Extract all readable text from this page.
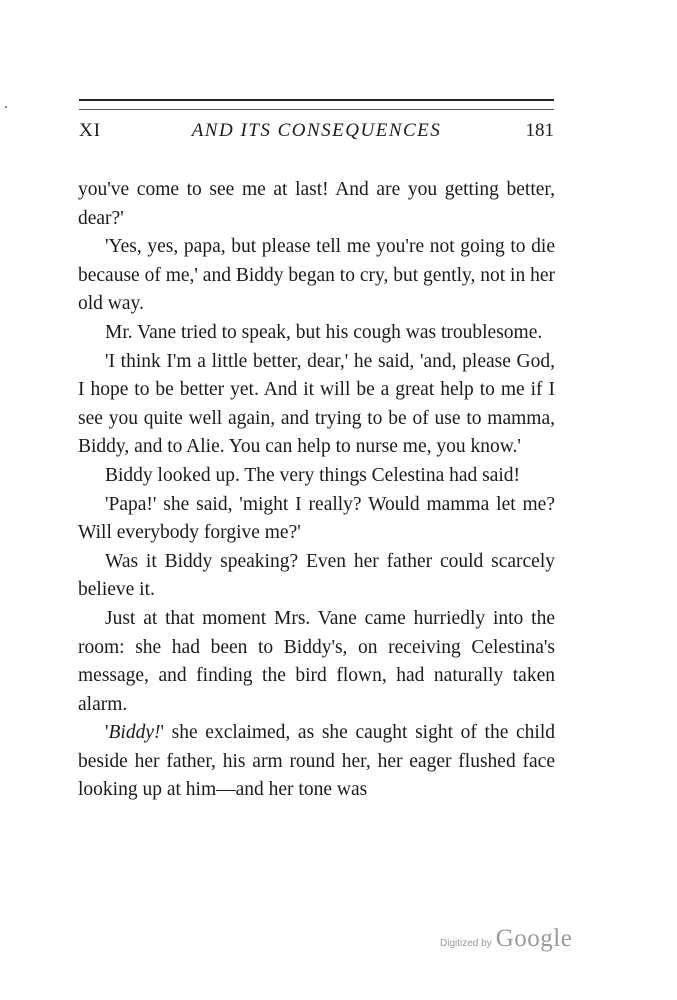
XI	AND ITS CONSEQUENCES	181

you've come to see me at last! And are you getting better, dear?'

'Yes, yes, papa, but please tell me you're not going to die because of me,' and Biddy began to cry, but gently, not in her old way.

Mr. Vane tried to speak, but his cough was troublesome.

'I think I'm a little better, dear,' he said, 'and, please God, I hope to be better yet. And it will be a great help to me if I see you quite well again, and trying to be of use to mamma, Biddy, and to Alie. You can help to nurse me, you know.'

Biddy looked up. The very things Celestina had said!

'Papa!' she said, 'might I really? Would mamma let me? Will everybody forgive me?'

Was it Biddy speaking? Even her father could scarcely believe it.

Just at that moment Mrs. Vane came hurriedly into the room: she had been to Biddy's, on receiving Celestina's message, and finding the bird flown, had naturally taken alarm.

'Biddy!' she exclaimed, as she caught sight of the child beside her father, his arm round her, her eager flushed face looking up at him—and her tone was

Digitized by Google
